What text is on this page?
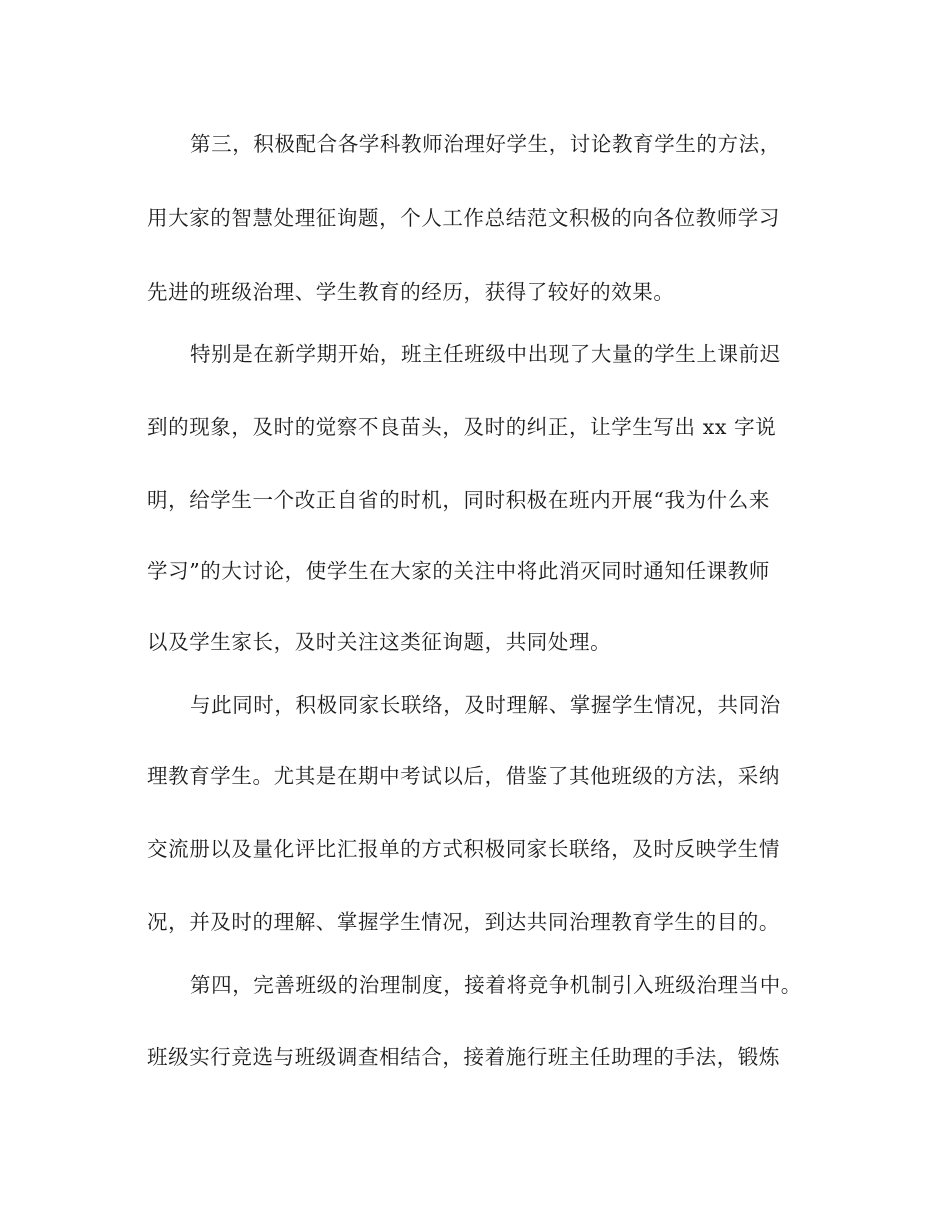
第三，积极配合各学科教师治理好学生，讨论教育学生的方法，
用大家的智慧处理征询题，个人工作总结范文积极的向各位教师学习
先进的班级治理、学生教育的经历，获得了较好的效果。
特别是在新学期开始，班主任班级中出现了大量的学生上课前迟
到的现象，及时的觉察不良苗头，及时的纠正，让学生写出 xx 字说
明，给学生一个改正自省的时机，同时积极在班内开展“我为什么来
学习”的大讨论，使学生在大家的关注中将此消灭同时通知任课教师
以及学生家长，及时关注这类征询题，共同处理。
与此同时，积极同家长联络，及时理解、掌握学生情况，共同治
理教育学生。尤其是在期中考试以后，借鉴了其他班级的方法，采纳
交流册以及量化评比汇报单的方式积极同家长联络，及时反映学生情
况，并及时的理解、掌握学生情况，到达共同治理教育学生的目的。
第四，完善班级的治理制度，接着将竞争机制引入班级治理当中。
班级实行竞选与班级调查相结合，接着施行班主任助理的手法，锻炼
